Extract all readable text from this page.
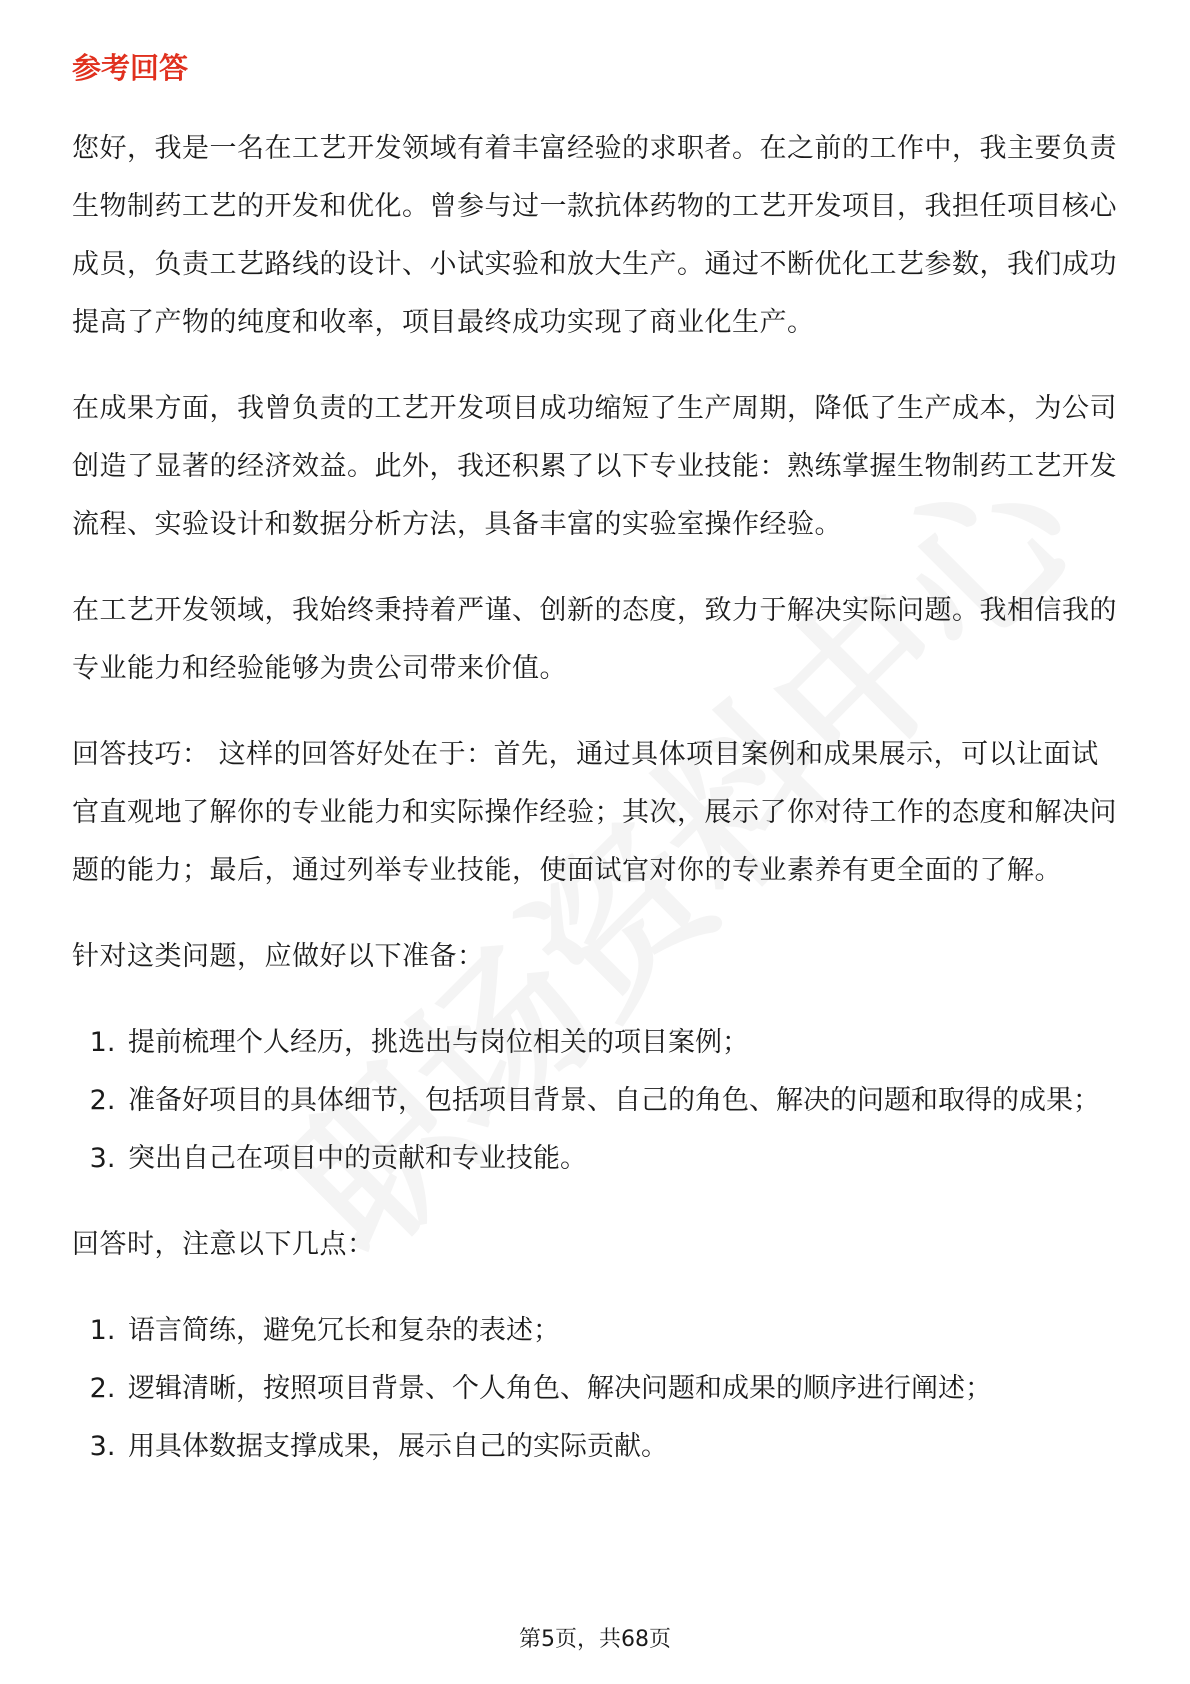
参考回答

您好，我是一名在工艺开发领域有着丰富经验的求职者。在之前的工作中，我主要负责生物制药工艺的开发和优化。曾参与过一款抗体药物的工艺开发项目，我担任项目核心成员，负责工艺路线的设计、小试实验和放大生产。通过不断优化工艺参数，我们成功提高了产物的纯度和收率，项目最终成功实现了商业化生产。

在成果方面，我曾负责的工艺开发项目成功缩短了生产周期，降低了生产成本，为公司创造了显著的经济效益。此外，我还积累了以下专业技能：熟练掌握生物制药工艺开发流程、实验设计和数据分析方法，具备丰富的实验室操作经验。

在工艺开发领域，我始终秉持着严谨、创新的态度，致力于解决实际问题。我相信我的专业能力和经验能够为贵公司带来价值。

回答技巧： 这样的回答好处在于：首先，通过具体项目案例和成果展示，可以让面试官直观地了解你的专业能力和实际操作经验；其次，展示了你对待工作的态度和解决问题的能力；最后，通过列举专业技能，使面试官对你的专业素养有更全面的了解。

针对这类问题，应做好以下准备：

1. 提前梳理个人经历，挑选出与岗位相关的项目案例；
2. 准备好项目的具体细节，包括项目背景、自己的角色、解决的问题和取得的成果；
3. 突出自己在项目中的贡献和专业技能。

回答时，注意以下几点：

1. 语言简练，避免冗长和复杂的表述；
2. 逻辑清晰，按照项目背景、个人角色、解决问题和成果的顺序进行阐述；
3. 用具体数据支撑成果，展示自己的实际贡献。
第5页，共68页
